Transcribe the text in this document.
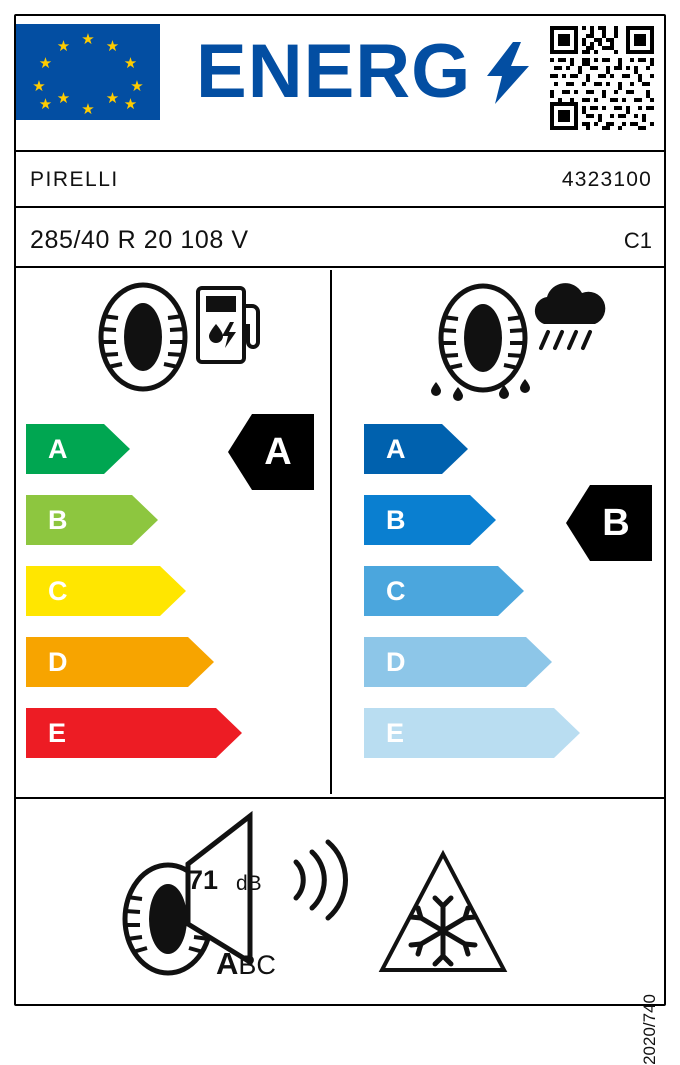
★
★ ★
★	★
★	★
★	★
★ ★
★ ENERG
PIRELLI	4323100
285/40 R 20 108 V	C1
A
B
C
D
E
A	A
B
C
D
E
B
71 dB
ABC
2020/740
